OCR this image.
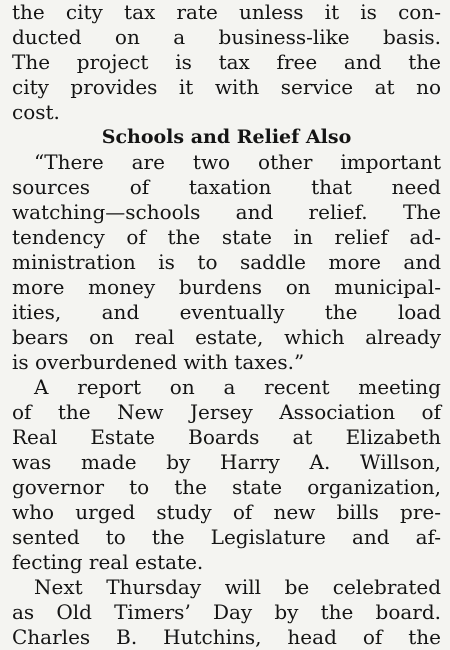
the city tax rate unless it is con-
ducted on a business-like basis.
The project is tax free and the
city provides it with service at no
cost.
Schools and Relief Also
“There are two other important
sources of taxation that need
watching—schools and relief. The
tendency of the state in relief ad-
ministration is to saddle more and
more money burdens on municipal-
ities, and eventually the load
bears on real estate, which already
is overburdened with taxes.”
A report on a recent meeting
of the New Jersey Association of
Real Estate Boards at Elizabeth
was made by Harry A. Willson,
governor to the state organization,
who urged study of new bills pre-
sented to the Legislature and af-
fecting real estate.
Next Thursday will be celebrated
as Old Timers’ Day by the board.
Charles B. Hutchins, head of the
